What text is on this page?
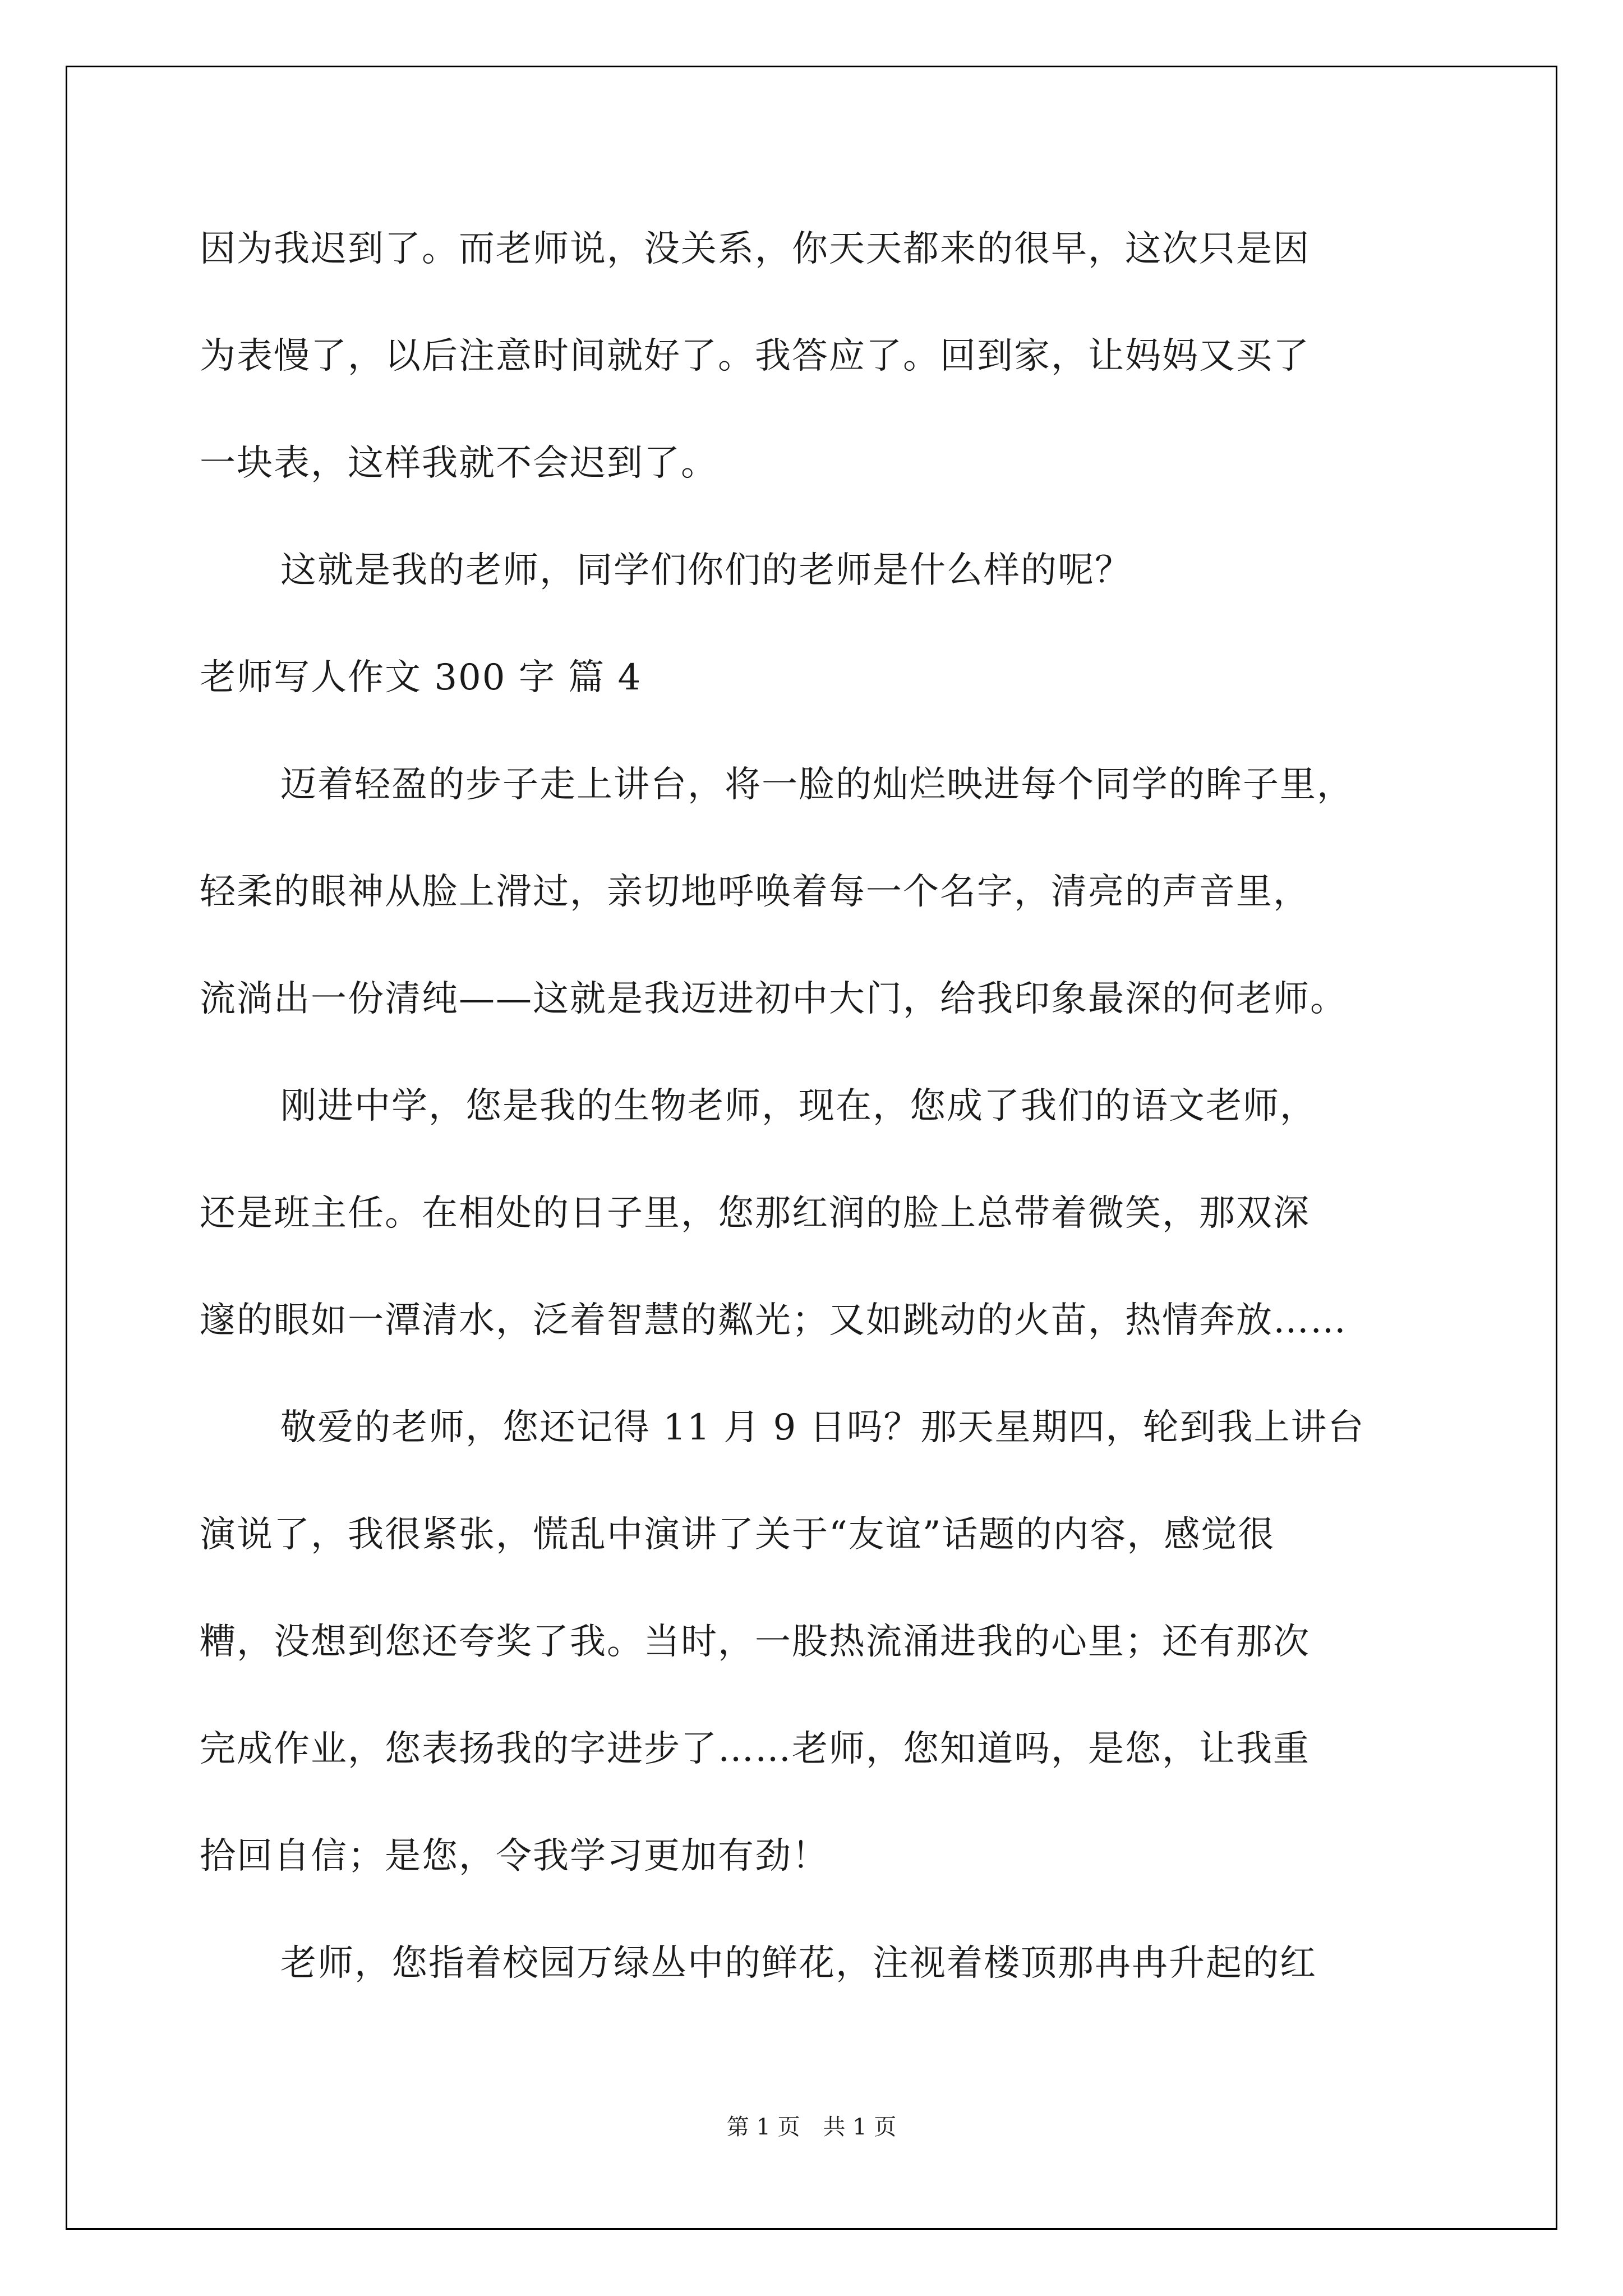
因为我迟到了。而老师说，没关系，你天天都来的很早，这次只是因
为表慢了，以后注意时间就好了。我答应了。回到家，让妈妈又买了
一块表，这样我就不会迟到了。
这就是我的老师，同学们你们的老师是什么样的呢？
老师写人作文 300 字 篇 4
迈着轻盈的步子走上讲台，将一脸的灿烂映进每个同学的眸子里，
轻柔的眼神从脸上滑过，亲切地呼唤着每一个名字，清亮的声音里，
流淌出一份清纯——这就是我迈进初中大门，给我印象最深的何老师。
刚进中学，您是我的生物老师，现在，您成了我们的语文老师，
还是班主任。在相处的日子里，您那红润的脸上总带着微笑，那双深
邃的眼如一潭清水，泛着智慧的粼光；又如跳动的火苗，热情奔放……
敬爱的老师，您还记得 11 月 9 日吗？那天星期四，轮到我上讲台
演说了，我很紧张，慌乱中演讲了关于“友谊”话题的内容，感觉很
糟，没想到您还夸奖了我。当时，一股热流涌进我的心里；还有那次
完成作业，您表扬我的字进步了……老师，您知道吗，是您，让我重
拾回自信；是您，令我学习更加有劲！
老师，您指着校园万绿丛中的鲜花，注视着楼顶那冉冉升起的红
第 1 页 共 1 页
